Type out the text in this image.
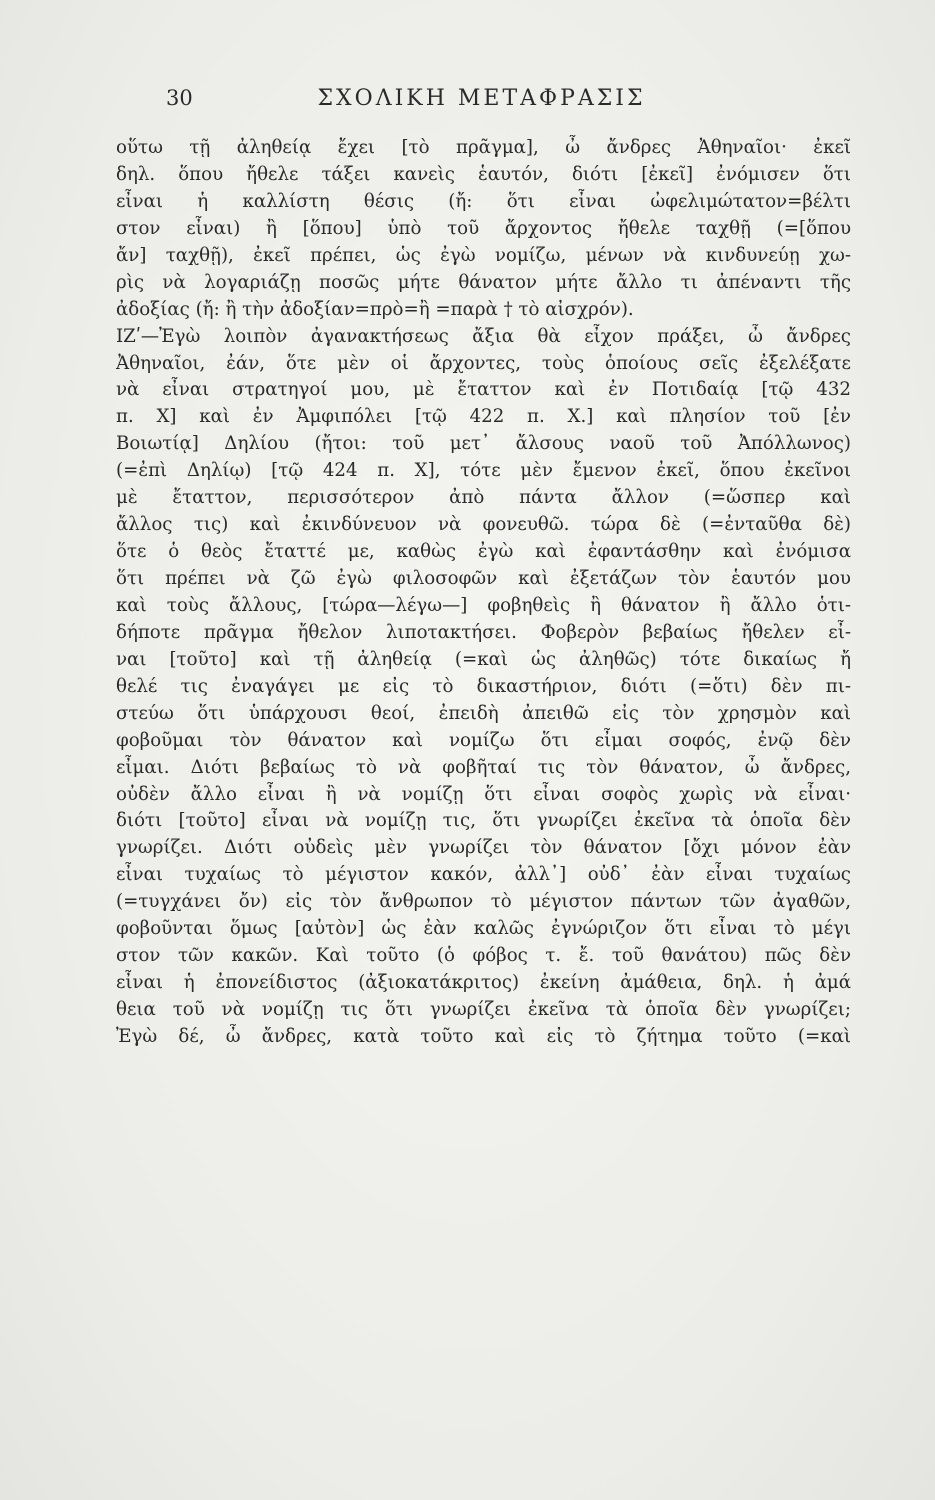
30	ΣΧΟΛΙΚΗ ΜΕΤΑΦΡΑΣΙΣ
οὕτω τῇ ἀληθείᾳ ἔχει [τὸ πρᾶγμα], ὦ ἄνδρες Ἀθηναῖοι· ἐκεῖ
δηλ. ὅπου ἤθελε τάξει κανεὶς ἑαυτόν, διότι [ἐκεῖ] ἐνόμισεν ὅτι
εἶναι ἡ καλλίστη θέσις (ἤ: ὅτι εἶναι ὠφελιμώτατον=βέλτι
στον εἶναι) ἢ [ὅπου] ὑπὸ τοῦ ἄρχοντος ἤθελε ταχθῇ (=[ὅπου
ἄν] ταχθῇ), ἐκεῖ πρέπει, ὡς ἐγὼ νομίζω, μένων νὰ κινδυνεύῃ χω-
ρὶς νὰ λογαριάζῃ ποσῶς μήτε θάνατον μήτε ἄλλο τι ἀπέναντι τῆς
ἀδοξίας (ἤ: ἢ τὴν ἀδοξίαν=πρὸ=ἢ =παρὰ † τὸ αἰσχρόν).
ΙΖʹ—Ἐγὼ λοιπὸν ἀγανακτήσεως ἄξια θὰ εἶχον πράξει, ὦ ἄνδρες
Ἀθηναῖοι, ἐάν, ὅτε μὲν οἱ ἄρχοντες, τοὺς ὁποίους σεῖς ἐξελέξατε
νὰ εἶναι στρατηγοί μου, μὲ ἔταττον καὶ ἐν Ποτιδαίᾳ [τῷ 432
π. Χ] καὶ ἐν Ἀμφιπόλει [τῷ 422 π. Χ.] καὶ πλησίον τοῦ [ἐν
Βοιωτίᾳ] Δηλίου (ἤτοι: τοῦ μετ᾽ ἄλσους ναοῦ τοῦ Ἀπόλλωνος)
(=ἐπὶ Δηλίῳ) [τῷ 424 π. Χ], τότε μὲν ἔμενον ἐκεῖ, ὅπου ἐκεῖνοι
μὲ ἔταττον, περισσότερον ἀπὸ πάντα ἄλλον (=ὥσπερ καὶ
ἄλλος τις) καὶ ἐκινδύνευον νὰ φονευθῶ. τώρα δὲ (=ἐνταῦθα δὲ)
ὅτε ὁ θεὸς ἔταττέ με, καθὼς ἐγὼ καὶ ἐφαντάσθην καὶ ἐνόμισα
ὅτι πρέπει νὰ ζῶ ἐγὼ φιλοσοφῶν καὶ ἐξετάζων τὸν ἑαυτόν μου
καὶ τοὺς ἄλλους, [τώρα—λέγω—] φοβηθεὶς ἢ θάνατον ἢ ἄλλο ὁτι-
δήποτε πρᾶγμα ἤθελον λιποτακτήσει. Φοβερὸν βεβαίως ἤθελεν εἶ-
ναι [τοῦτο] καὶ τῇ ἀληθείᾳ (=καὶ ὡς ἀληθῶς) τότε δικαίως ἤ
θελέ τις ἐναγάγει με εἰς τὸ δικαστήριον, διότι (=ὅτι) δὲν πι-
στεύω ὅτι ὑπάρχουσι θεοί, ἐπειδὴ ἀπειθῶ εἰς τὸν χρησμὸν καὶ
φοβοῦμαι τὸν θάνατον καὶ νομίζω ὅτι εἶμαι σοφός, ἐνῷ δὲν
εἶμαι. Διότι βεβαίως τὸ νὰ φοβῆταί τις τὸν θάνατον, ὦ ἄνδρες,
οὐδὲν ἄλλο εἶναι ἢ νὰ νομίζῃ ὅτι εἶναι σοφὸς χωρὶς νὰ εἶναι·
διότι [τοῦτο] εἶναι νὰ νομίζῃ τις, ὅτι γνωρίζει ἐκεῖνα τὰ ὁποῖα δὲν
γνωρίζει. Διότι οὐδεὶς μὲν γνωρίζει τὸν θάνατον [ὄχι μόνον ἐὰν
εἶναι τυχαίως τὸ μέγιστον κακόν, ἀλλ᾽] οὐδ᾽ ἐὰν εἶναι τυχαίως
(=τυγχάνει ὄν) εἰς τὸν ἄνθρωπον τὸ μέγιστον πάντων τῶν ἀγαθῶν,
φοβοῦνται ὅμως [αὐτὸν] ὡς ἐὰν καλῶς ἐγνώριζον ὅτι εἶναι τὸ μέγι
στον τῶν κακῶν. Καὶ τοῦτο (ὁ φόβος τ. ἔ. τοῦ θανάτου) πῶς δὲν
εἶναι ἡ ἐπονείδιστος (ἀξιοκατάκριτος) ἐκείνη ἀμάθεια, δηλ. ἡ ἀμά
θεια τοῦ νὰ νομίζῃ τις ὅτι γνωρίζει ἐκεῖνα τὰ ὁποῖα δὲν γνωρίζει;
Ἐγὼ δέ, ὦ ἄνδρες, κατὰ τοῦτο καὶ εἰς τὸ ζήτημα τοῦτο (=καὶ
